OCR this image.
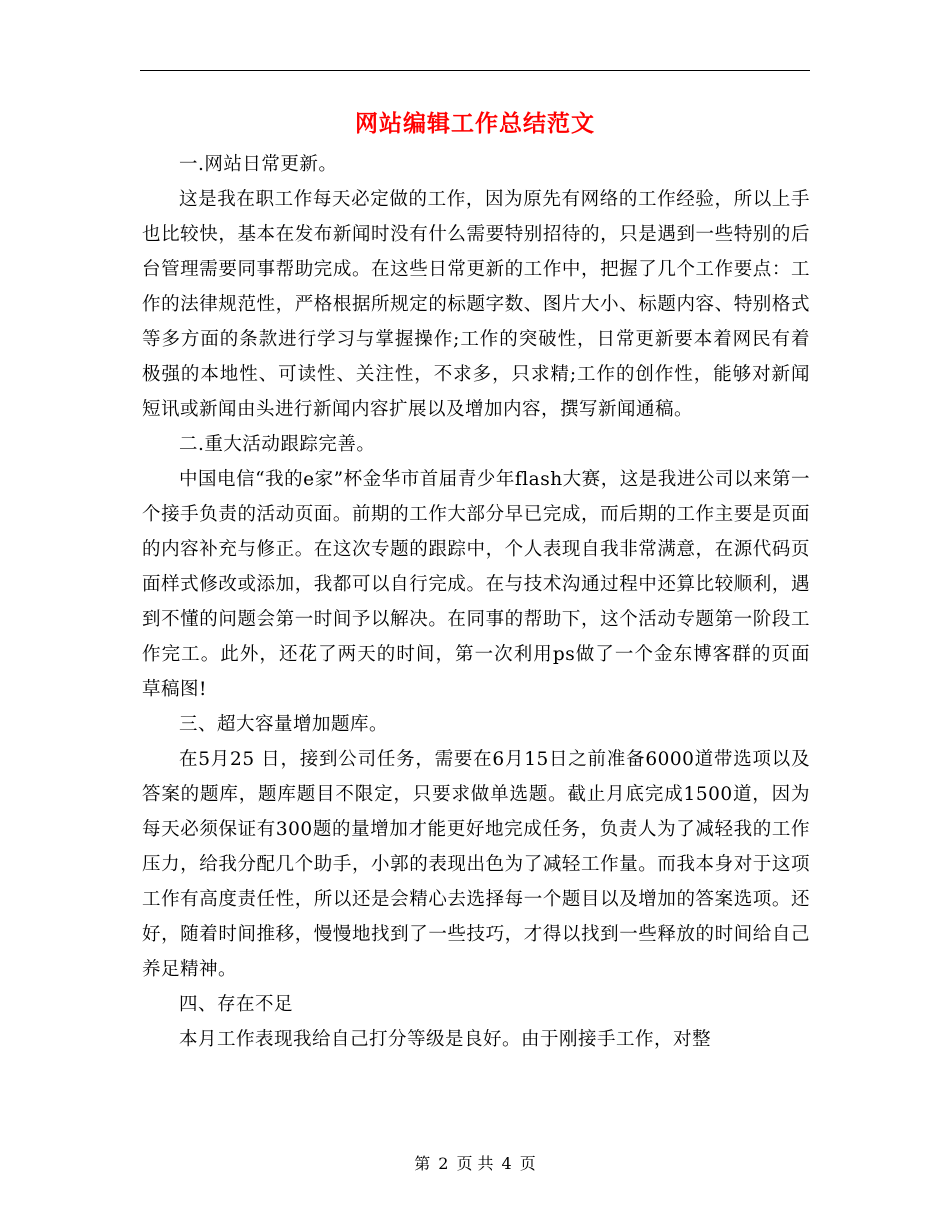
网站编辑工作总结范文

一.网站日常更新。

这是我在职工作每天必定做的工作，因为原先有网络的工作经验，所以上手也比较快，基本在发布新闻时没有什么需要特别招待的，只是遇到一些特别的后台管理需要同事帮助完成。在这些日常更新的工作中，把握了几个工作要点：工作的法律规范性，严格根据所规定的标题字数、图片大小、标题内容、特别格式等多方面的条款进行学习与掌握操作;工作的突破性，日常更新要本着网民有着极强的本地性、可读性、关注性，不求多，只求精;工作的创作性，能够对新闻短讯或新闻由头进行新闻内容扩展以及增加内容，撰写新闻通稿。

二.重大活动跟踪完善。

中国电信“我的e家”杯金华市首届青少年flash大赛，这是我进公司以来第一个接手负责的活动页面。前期的工作大部分早已完成，而后期的工作主要是页面的内容补充与修正。在这次专题的跟踪中，个人表现自我非常满意，在源代码页面样式修改或添加，我都可以自行完成。在与技术沟通过程中还算比较顺利，遇到不懂的问题会第一时间予以解决。在同事的帮助下，这个活动专题第一阶段工作完工。此外，还花了两天的时间，第一次利用ps做了一个金东博客群的页面草稿图!

三、超大容量增加题库。

在5月25 日，接到公司任务，需要在6月15日之前准备6000道带选项以及答案的题库，题库题目不限定，只要求做单选题。截止月底完成1500道，因为每天必须保证有300题的量增加才能更好地完成任务，负责人为了减轻我的工作压力，给我分配几个助手，小郭的表现出色为了减轻工作量。而我本身对于这项工作有高度责任性，所以还是会精心去选择每一个题目以及增加的答案选项。还好，随着时间推移，慢慢地找到了一些技巧，才得以找到一些释放的时间给自己养足精神。

四、存在不足

本月工作表现我给自己打分等级是良好。由于刚接手工作，对整

第 2 页 共 4 页
